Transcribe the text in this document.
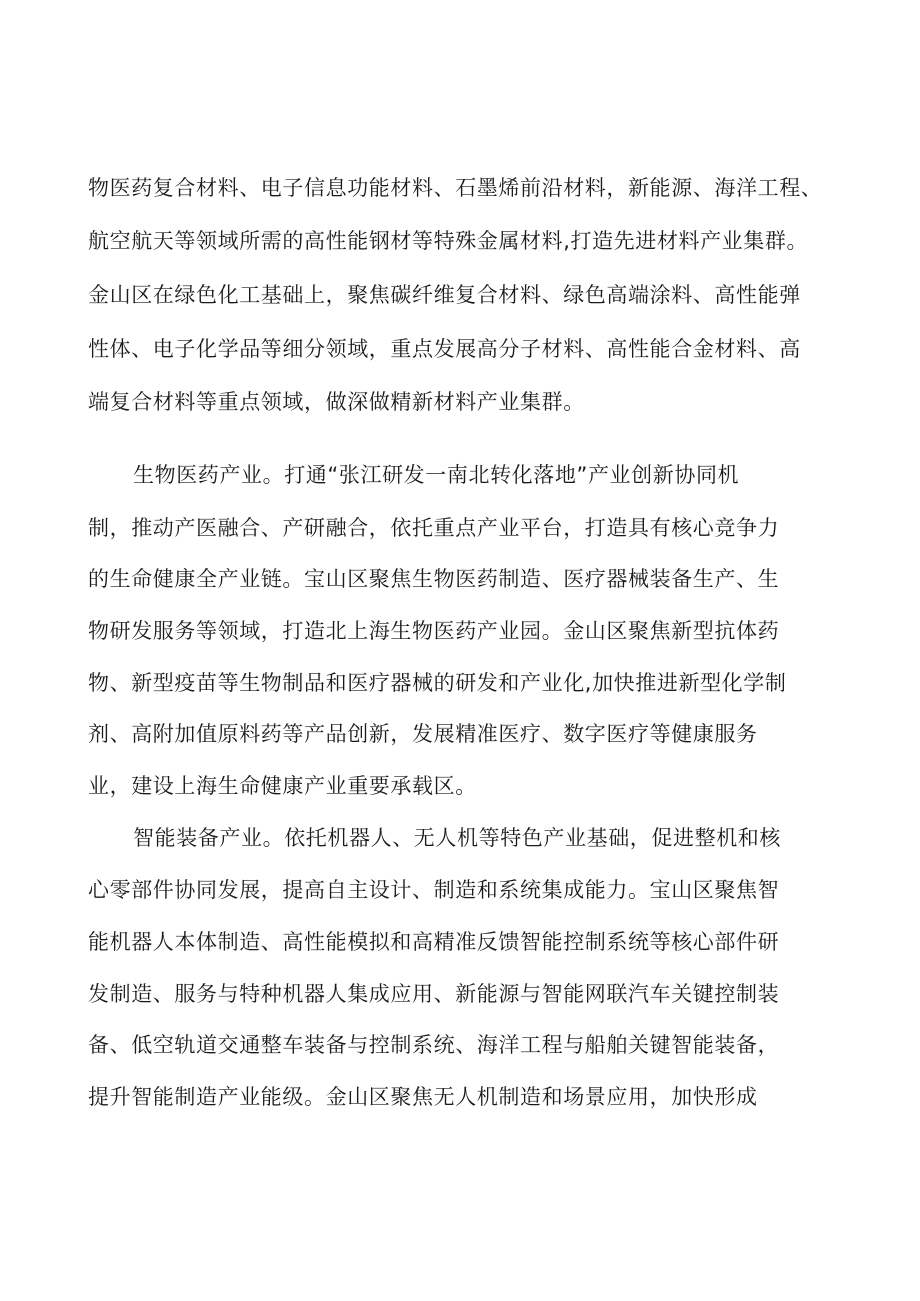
物医药复合材料、电子信息功能材料、石墨烯前沿材料，新能源、海洋工程、
航空航天等领域所需的高性能钢材等特殊金属材料,打造先进材料产业集群。
金山区在绿色化工基础上，聚焦碳纤维复合材料、绿色高端涂料、高性能弹
性体、电子化学品等细分领域，重点发展高分子材料、高性能合金材料、高
端复合材料等重点领域，做深做精新材料产业集群。
生物医药产业。打通“张江研发一南北转化落地”产业创新协同机
制，推动产医融合、产研融合，依托重点产业平台，打造具有核心竞争力
的生命健康全产业链。宝山区聚焦生物医药制造、医疗器械装备生产、生
物研发服务等领域，打造北上海生物医药产业园。金山区聚焦新型抗体药
物、新型疫苗等生物制品和医疗器械的研发和产业化,加快推进新型化学制
剂、高附加值原料药等产品创新，发展精准医疗、数字医疗等健康服务
业，建设上海生命健康产业重要承载区。
智能装备产业。依托机器人、无人机等特色产业基础，促进整机和核
心零部件协同发展，提高自主设计、制造和系统集成能力。宝山区聚焦智
能机器人本体制造、高性能模拟和高精准反馈智能控制系统等核心部件研
发制造、服务与特种机器人集成应用、新能源与智能网联汽车关键控制装
备、低空轨道交通整车装备与控制系统、海洋工程与船舶关键智能装备，
提升智能制造产业能级。金山区聚焦无人机制造和场景应用，加快形成
